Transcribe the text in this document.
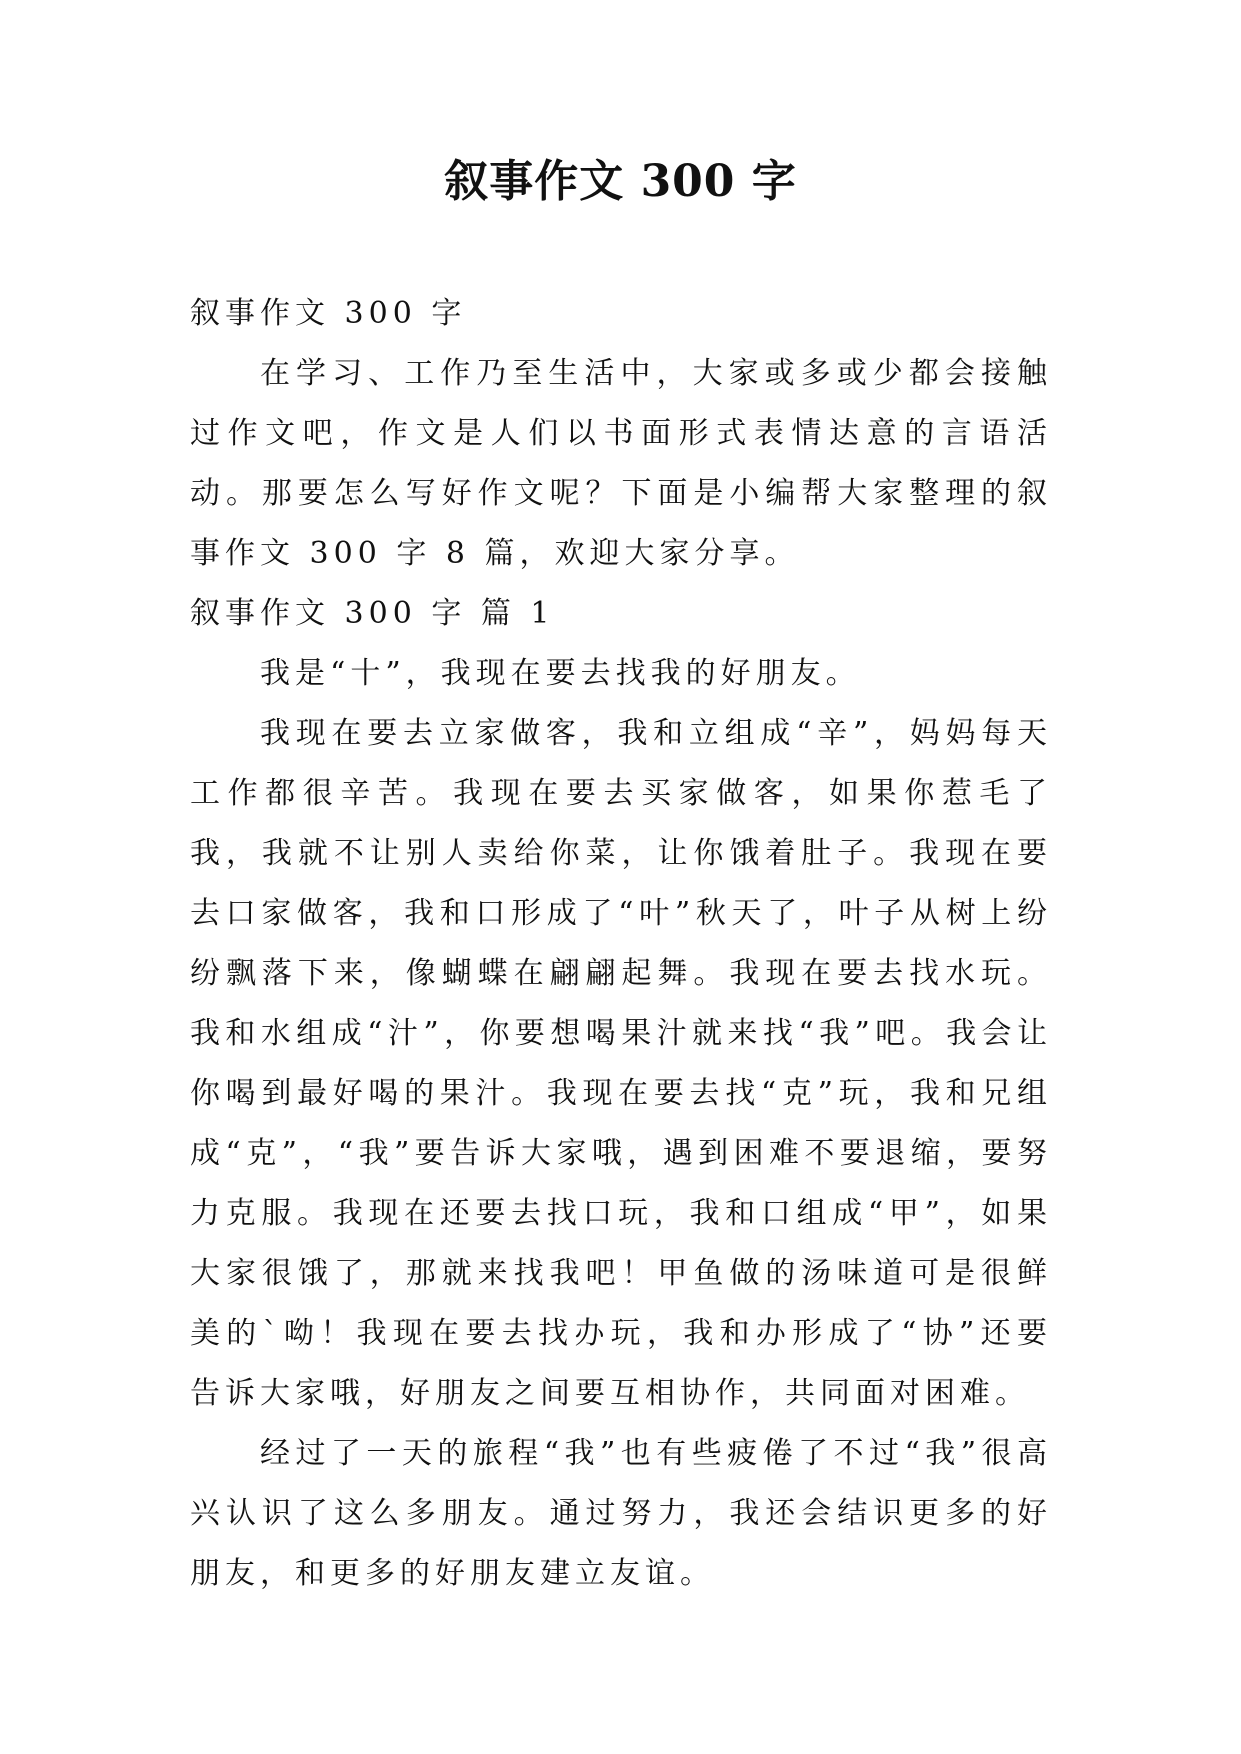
叙事作文 300 字

叙事作文 300 字

在学习、工作乃至生活中，大家或多或少都会接触过作文吧，作文是人们以书面形式表情达意的言语活动。那要怎么写好作文呢？下面是小编帮大家整理的叙事作文 300 字 8 篇，欢迎大家分享。

叙事作文 300 字 篇 1

我是“十”，我现在要去找我的好朋友。

我现在要去立家做客，我和立组成“辛”，妈妈每天工作都很辛苦。我现在要去买家做客，如果你惹毛了我，我就不让别人卖给你菜，让你饿着肚子。我现在要去口家做客，我和口形成了“叶”秋天了，叶子从树上纷纷飘落下来，像蝴蝶在翩翩起舞。我现在要去找水玩。我和水组成“汁”，你要想喝果汁就来找“我”吧。我会让你喝到最好喝的果汁。我现在要去找“克”玩，我和兄组成“克”，“我”要告诉大家哦，遇到困难不要退缩，要努力克服。我现在还要去找口玩，我和口组成“甲”，如果大家很饿了，那就来找我吧！甲鱼做的汤味道可是很鲜美的`呦！我现在要去找办玩，我和办形成了“协”还要告诉大家哦，好朋友之间要互相协作，共同面对困难。

经过了一天的旅程“我”也有些疲倦了不过“我”很高兴认识了这么多朋友。通过努力，我还会结识更多的好朋友，和更多的好朋友建立友谊。
